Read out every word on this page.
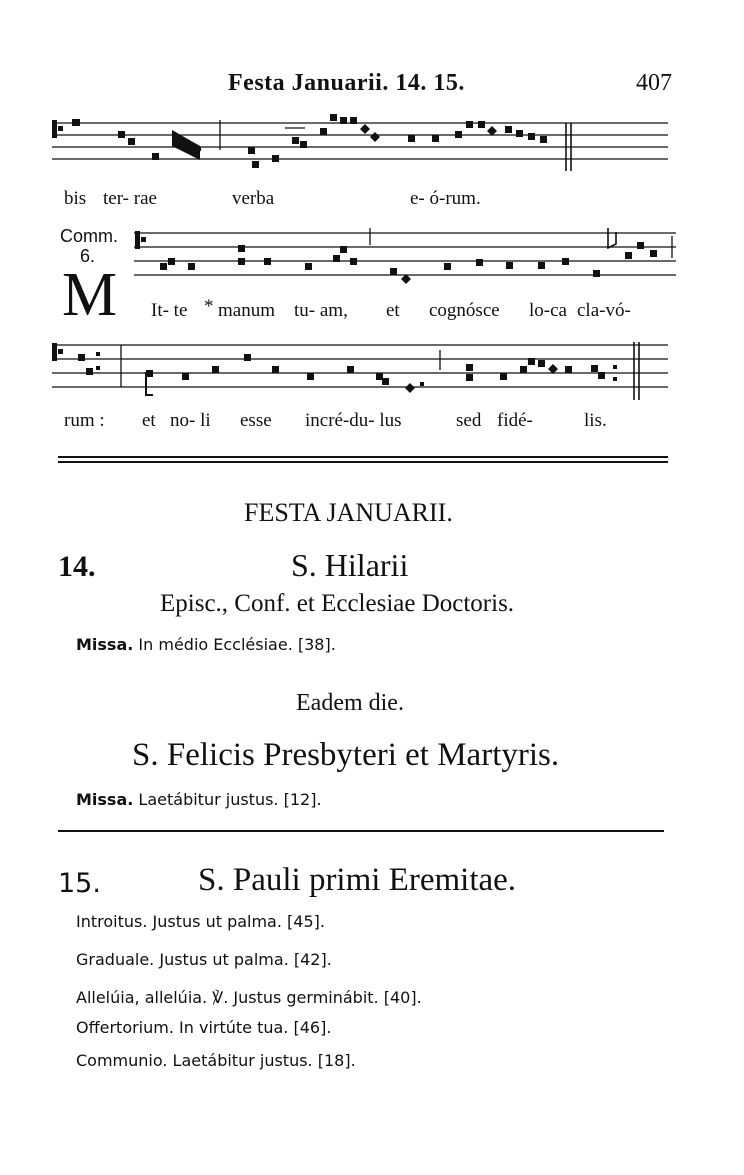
Festa Januarii. 14. 15.	407
bis ter- rae	verba	e- ó-rum.
Comm.
6.
M It- te * manum tu- am, et cognósce lo-ca cla-vó-
rum : et no- li esse incré-du- lus	sed fidé-	lis.
FESTA JANUARII.
14.	S. Hilarii
Episc., Conf. et Ecclesiae Doctoris.
Missa. In médio Ecclésiae. [38].
Eadem die.
S. Felicis Presbyteri et Martyris.
Missa. Laetábitur justus. [12].
15.	S. Pauli primi Eremitae.
Introitus. Justus ut palma. [45].
Graduale. Justus ut palma. [42].
Allelúia, allelúia. ℣. Justus germinábit. [40].
Offertorium. In virtúte tua. [46].
Communio. Laetábitur justus. [18].
